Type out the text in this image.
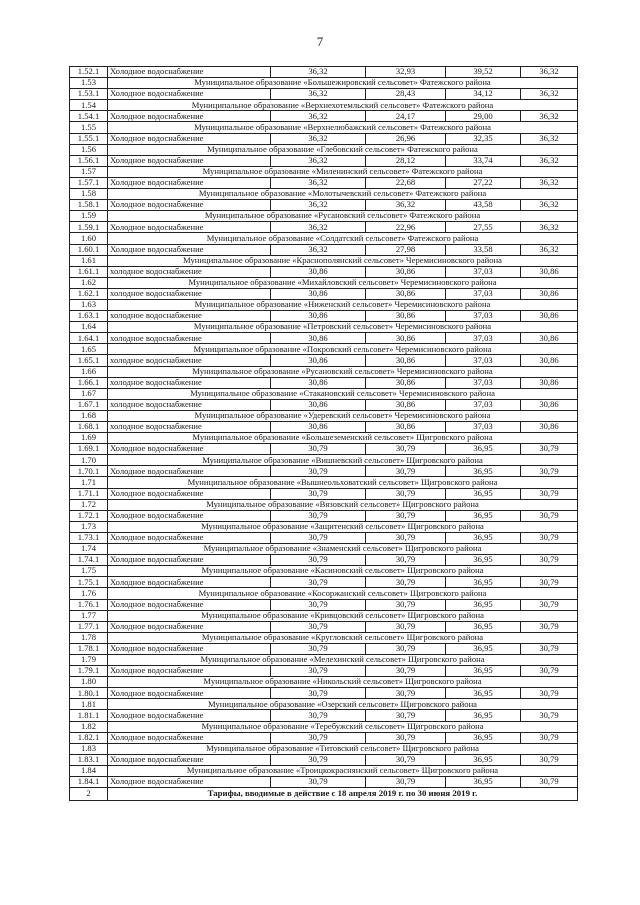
7
1.52.1	Холодное водоснабжение	36,32	32,93	39,52	36,32
1.53	Муниципальное образование «Большежировский сельсовет» Фатежского района				
1.53.1	Холодное водоснабжение	36,32	28,43	34,12	36,32
1.54	Муниципальное образование «Верхнехотемльский сельсовет» Фатежского района				
1.54.1	Холодное водоснабжение	36,32	24,17	29,00	36,32
1.55	Муниципальное образование «Верхнелюбажский сельсовет» Фатежского района				
1.55.1	Холодное водоснабжение	36,32	26,96	32,35	36,32
1.56	Муниципальное образование «Глебовский сельсовет» Фатежского района				
1.56.1	Холодное водоснабжение	36,32	28,12	33,74	36,32
1.57	Муниципальное образование «Миленинский сельсовет» Фатежского района				
1.57.1	Холодное водоснабжение	36,32	22,68	27,22	36,32
1.58	Муниципальное образование «Молотычевский сельсовет» Фатежского района				
1.58.1	Холодное водоснабжение	36,32	36,32	43,58	36,32
1.59	Муниципальное образование «Русановский сельсовет» Фатежского района				
1.59.1	Холодное водоснабжение	36,32	22,96	27,55	36,32
1.60	Муниципальное образование «Солдатский сельсовет» Фатежского района				
1.60.1	Холодное водоснабжение	36,32	27,98	33,58	36,32
1.61	Муниципальное образование «Краснополянский сельсовет» Черемисиновского района				
1.61.1	холодное водоснабжение	30,86	30,86	37,03	30,86
1.62	Муниципальное образование «Михайловский сельсовет» Черемисиновского района				
1.62.1	холодное водоснабжение	30,86	30,86	37,03	30,86
1.63	Муниципальное образование «Ниженский сельсовет» Черемисиновского района				
1.63.1	холодное водоснабжение	30,86	30,86	37,03	30,86
1.64	Муниципальное образование «Петровский сельсовет» Черемисиновского района				
1.64.1	холодное водоснабжение	30,86	30,86	37,03	30,86
1.65	Муниципальное образование «Покровский сельсовет» Черемисиновского района				
1.65.1	холодное водоснабжение	30,86	30,86	37,03	30,86
1.66	Муниципальное образование «Русановский сельсовет» Черемисиновского района				
1.66.1	холодное водоснабжение	30,86	30,86	37,03	30,86
1.67	Муниципальное образование «Стакановский сельсовет» Черемисиновского района				
1.67.1	холодное водоснабжение	30,86	30,86	37,03	30,86
1.68	Муниципальное образование «Удеревский сельсовет» Черемисиновского района				
1.68.1	холодное водоснабжение	30,86	30,86	37,03	30,86
1.69	Муниципальное образование «Большеземенский сельсовет» Щигровского района				
1.69.1	Холодное водоснабжение	30,79	30,79	36,95	30,79
1.70	Муниципальное образование «Вишневский сельсовет» Щигровского района				
1.70.1	Холодное водоснабжение	30,79	30,79	36,95	30,79
1.71	Муниципальное образование «Вышнеольховатский сельсовет» Щигровского района				
1.71.1	Холодное водоснабжение	30,79	30,79	36,95	30,79
1.72	Муниципальное образование «Вязовский сельсовет» Щигровского района				
1.72.1	Холодное водоснабжение	30,79	30,79	36,95	30,79
1.73	Муниципальное образование «Защитенский сельсовет» Щигровского района				
1.73.1	Холодное водоснабжение	30,79	30,79	36,95	30,79
1.74	Муниципальное образование «Знаменский сельсовет» Щигровского района				
1.74.1	Холодное водоснабжение	30,79	30,79	36,95	30,79
1.75	Муниципальное образование «Касиновский сельсовет» Щигровского района				
1.75.1	Холодное водоснабжение	30,79	30,79	36,95	30,79
1.76	Муниципальное образование «Косоржанский сельсовет» Щигровского района				
1.76.1	Холодное водоснабжение	30,79	30,79	36,95	30,79
1.77	Муниципальное образование «Кривцовский сельсовет» Щигровского района				
1.77.1	Холодное водоснабжение	30,79	30,79	36,95	30,79
1.78	Муниципальное образование «Кругловский сельсовет» Щигровского района				
1.78.1	Холодное водоснабжение	30,79	30,79	36,95	30,79
1.79	Муниципальное образование «Мелехинский сельсовет» Щигровского района				
1.79.1	Холодное водоснабжение	30,79	30,79	36,95	30,79
1.80	Муниципальное образование «Никольский сельсовет» Щигровского района				
1.80.1	Холодное водоснабжение	30,79	30,79	36,95	30,79
1.81	Муниципальное образование «Озерский сельсовет» Щигровского района				
1.81.1	Холодное водоснабжение	30,79	30,79	36,95	30,79
1.82	Муниципальное образование «Теребужский сельсовет» Щигровского района				
1.82.1	Холодное водоснабжение	30,79	30,79	36,95	30,79
1.83	Муниципальное образование «Титовский сельсовет» Щигровского района				
1.83.1	Холодное водоснабжение	30,79	30,79	36,95	30,79
1.84	Муниципальное образование «Троицкокраснянский сельсовет» Щигровского района				
1.84.1	Холодное водоснабжение	30,79	30,79	36,95	30,79
2	Тарифы, вводимые в действие с 18 апреля 2019 г. по 30 июня 2019 г.				
